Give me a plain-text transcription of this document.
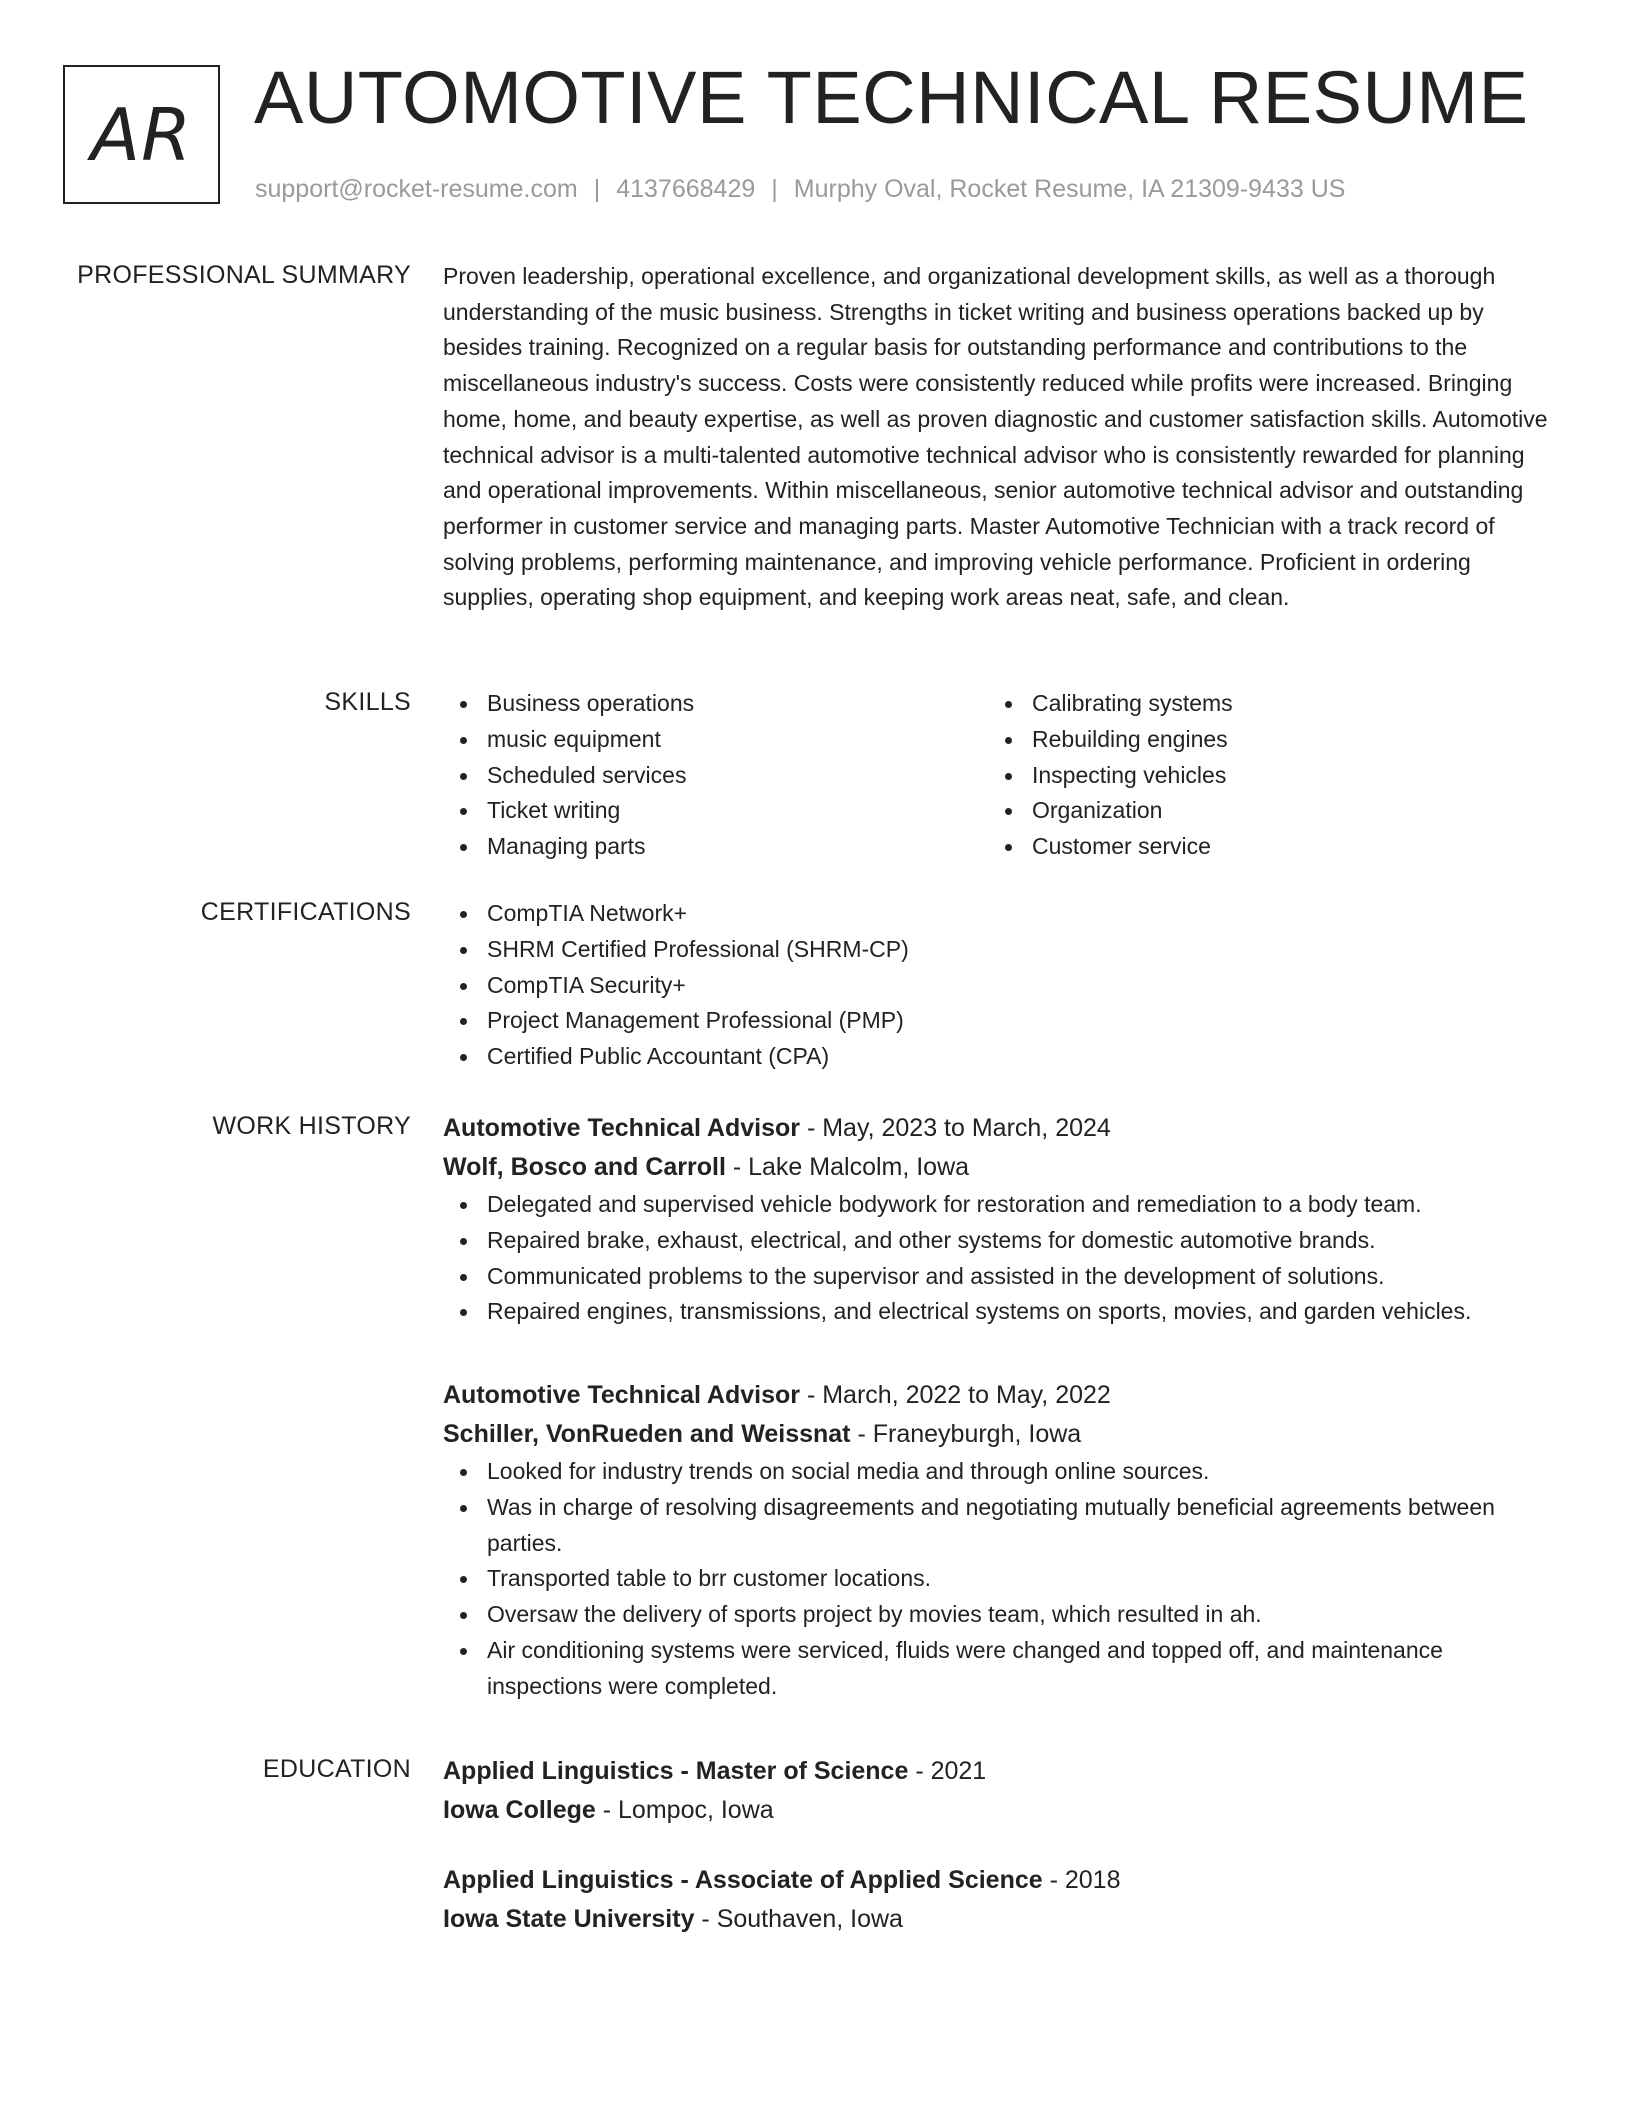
AR AUTOMOTIVE TECHNICAL RESUME
support@rocket-resume.com | 4137668429 | Murphy Oval, Rocket Resume, IA 21309-9433 US
PROFESSIONAL SUMMARY Proven leadership, operational excellence, and organizational development skills, as well as a thorough understanding of the music business. Strengths in ticket writing and business operations backed up by besides training. Recognized on a regular basis for outstanding performance and contributions to the miscellaneous industry's success. Costs were consistently reduced while profits were increased. Bringing home, home, and beauty expertise, as well as proven diagnostic and customer satisfaction skills. Automotive technical advisor is a multi-talented automotive technical advisor who is consistently rewarded for planning and operational improvements. Within miscellaneous, senior automotive technical advisor and outstanding performer in customer service and managing parts. Master Automotive Technician with a track record of solving problems, performing maintenance, and improving vehicle performance. Proficient in ordering supplies, operating shop equipment, and keeping work areas neat, safe, and clean.

SKILLS	Business operations
music equipment
Scheduled services
Ticket writing
Managing parts
Calibrating systems
Rebuilding engines
Inspecting vehicles
Organization
Customer service
CERTIFICATIONS	CompTIA Network+
SHRM Certified Professional (SHRM-CP)
CompTIA Security+
Project Management Professional (PMP)
Certified Public Accountant (CPA)
WORK HISTORY Automotive Technical Advisor - May, 2023 to March, 2024
Wolf, Bosco and Carroll - Lake Malcolm, Iowa
Delegated and supervised vehicle bodywork for restoration and remediation to a body team.
Repaired brake, exhaust, electrical, and other systems for domestic automotive brands.
Communicated problems to the supervisor and assisted in the development of solutions.
Repaired engines, transmissions, and electrical systems on sports, movies, and garden vehicles.
Automotive Technical Advisor - March, 2022 to May, 2022
Schiller, VonRueden and Weissnat - Franeyburgh, Iowa
Looked for industry trends on social media and through online sources.
Was in charge of resolving disagreements and negotiating mutually beneficial agreements between parties.
Transported table to brr customer locations.
Oversaw the delivery of sports project by movies team, which resulted in ah.
Air conditioning systems were serviced, fluids were changed and topped off, and maintenance inspections were completed.
EDUCATION Applied Linguistics - Master of Science - 2021
Iowa College - Lompoc, Iowa
Applied Linguistics - Associate of Applied Science - 2018
Iowa State University - Southaven, Iowa
